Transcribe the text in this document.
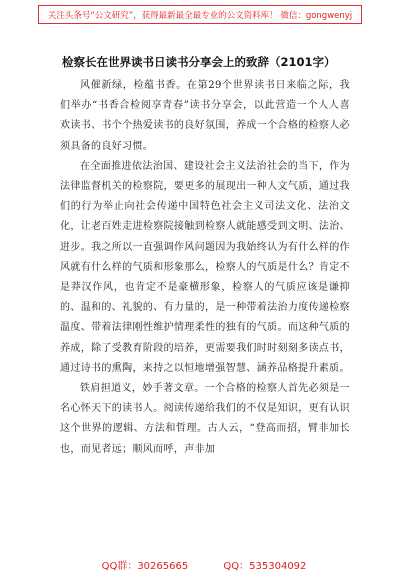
关注头条号“公文研究”，获得最新最全最专业的公文资料库！ 微信：gongwenyj
检察长在世界读书日读书分享会上的致辞（2101字）

风催新绿，检蕴书香。在第29个世界读书日来临之际，我们举办“书香合检阅享青春”读书分享会，以此营造一个人人喜欢读书、书个个热爱读书的良好氛围，养成一个合格的检察人必须具备的良好习惯。

在全面推进依法治国、建设社会主义法治社会的当下，作为法律监督机关的检察院，要更多的展现出一种人文气质，通过我们的行为举止向社会传递中国特色社会主义司法文化、法治文化，让老百姓走进检察院接触到检察人就能感受到文明、法治、进步。我之所以一直强调作风问题因为我始终认为有什么样的作风就有什么样的气质和形象那么，检察人的气质是什么？肯定不是莽汉作风，也肯定不是豪横形象，检察人的气质应该是谦抑的、温和的、礼貌的、有力量的，是一种带着法治力度传递检察温度、带着法律刚性维护情理柔性的独有的气质。而这种气质的养成，除了受教育阶段的培养，更需要我们时时刻刻多读点书，通过诗书的熏陶，来持之以恒地增强智慧、涵养品格提升素质。

铁肩担道义，妙手著文章。一个合格的检察人首先必须是一名心怀天下的读书人。阅读传递给我们的不仅是知识，更有认识这个世界的逻辑、方法和哲理。古人云，“登高而招，臂非加长也，而见者远；顺风而呼，声非加

QQ群：30265665	QQ：535304092
